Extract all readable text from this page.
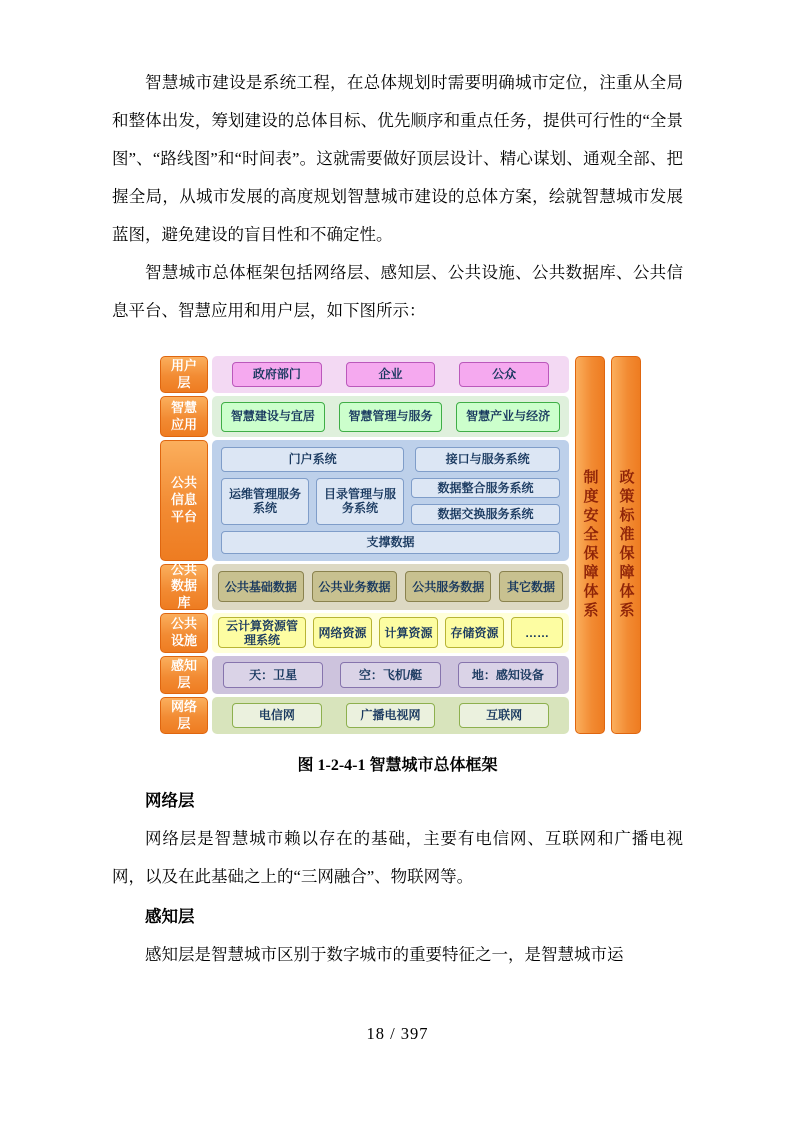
智慧城市建设是系统工程，在总体规划时需要明确城市定位，注重从全局和整体出发，筹划建设的总体目标、优先顺序和重点任务，提供可行性的“全景图”、“路线图”和“时间表”。这就需要做好顶层设计、精心谋划、通观全部、把握全局，从城市发展的高度规划智慧城市建设的总体方案，绘就智慧城市发展蓝图，避免建设的盲目性和不确定性。

智慧城市总体框架包括网络层、感知层、公共设施、公共数据库、公共信息平台、智慧应用和用户层，如下图所示：

用户层
政府部门	企业	公众
智慧应用
智慧建设与宜居	智慧管理与服务	智慧产业与经济
公共信息平台
门户系统	接口与服务系统
运维管理服务系统
目录管理与服务系统
数据整合服务系统
数据交换服务系统
支撑数据
公共数据库
公共基础数据	公共业务数据	公共服务数据	其它数据
公共设施
云计算资源管理系统
网络资源	计算资源	存储资源	……
感知层
天：卫星	空：飞机/艇	地：感知设备
网络层
电信网	广播电视网	互联网
制度安全保障体系 政策标准保障体系

图 1-2-4-1 智慧城市总体框架

网络层

网络层是智慧城市赖以存在的基础，主要有电信网、互联网和广播电视网，以及在此基础之上的“三网融合”、物联网等。

感知层

感知层是智慧城市区别于数字城市的重要特征之一，是智慧城市运

18 / 397
